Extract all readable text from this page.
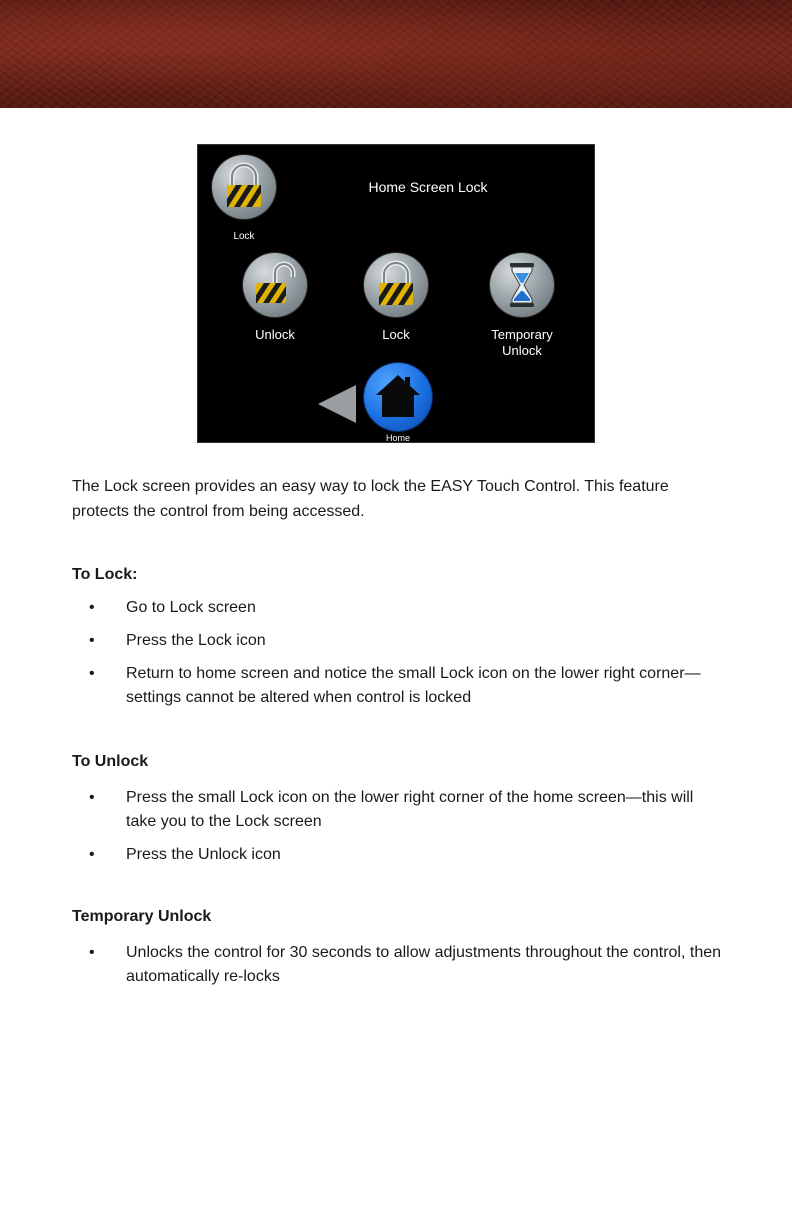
Home Screen Lock
Lock
Unlock	Lock	Temporary
Unlock
Home

The Lock screen provides an easy way to lock the EASY Touch Control. This feature protects the control from being accessed.

To Lock:
• Go to Lock screen
• Press the Lock icon
• Return to home screen and notice the small Lock icon on the lower right corner—settings cannot be altered when control is locked
To Unlock
• Press the small Lock icon on the lower right corner of the home screen—this will take you to the Lock screen
• Press the Unlock icon
Temporary Unlock
• Unlocks the control for 30 seconds to allow adjustments throughout the control, then automatically re-locks
